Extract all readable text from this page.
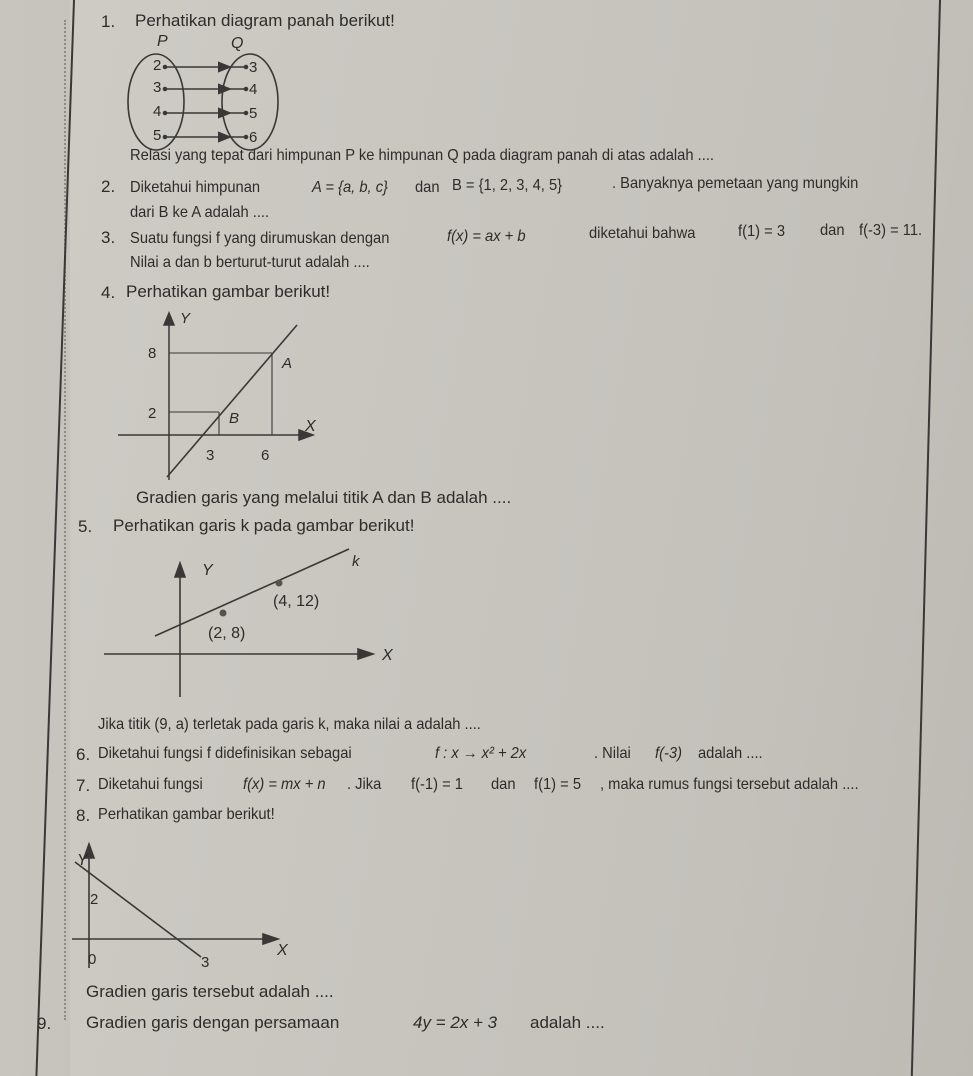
1. Perhatikan diagram panah berikut!
P	Q
2
3
4
5
3
4
5
6
Relasi yang tepat dari himpunan P ke himpunan Q pada diagram panah di atas adalah ....
2. Diketahui himpunan	A = {a, b, c} dan B = {1, 2, 3, 4, 5}	. Banyaknya pemetaan yang mungkin
dari B ke A adalah ....
3. Suatu fungsi f yang dirumuskan dengan	f(x) = ax + b	diketahui bahwa	f(1) = 3 dan f(-3) = 11.
Nilai a dan b berturut-turut adalah ....
4. Perhatikan gambar berikut!
Y
X
8
2
3	6
A
B
Gradien garis yang melalui titik A dan B adalah ....
5. Perhatikan garis k pada gambar berikut!
Y
X
k
(2, 8)
(4, 12)
Jika titik (9, a) terletak pada garis k, maka nilai a adalah ....
6. Diketahui fungsi f didefinisikan sebagai	f : x → x² + 2x	. Nilai f(-3) adalah ....
7. Diketahui fungsi	f(x) = mx + n . Jika f(-1) = 1 dan f(1) = 5 , maka rumus fungsi tersebut adalah ....
8. Perhatikan gambar berikut!
Y
X
2
0	3
Gradien garis tersebut adalah ....
9. Gradien garis dengan persamaan	4y = 2x + 3 adalah ....
